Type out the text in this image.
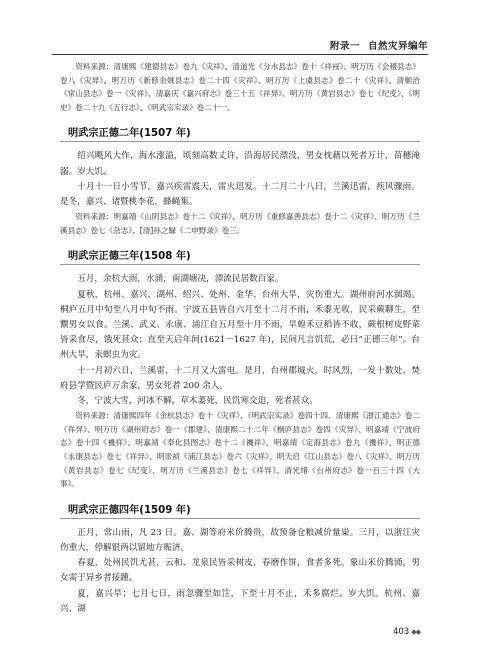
附录一 自然灾异编年

资料来源：清康熙《建德县志》卷九《灾祥》、清道光《分水县志》卷十《祥祲》、明万历《会稽县志》卷八《灾异》、明万历《新修余姚县志》卷二十四《灾祥》、明万历《上虞县志》卷二十《灾祥》、清顺治《常山县志》卷一《灾祥》、清嘉庆《嘉兴府志》卷三十五《祥异》、明万历《黄岩县志》卷七《纪变》、《明史》卷二十九《五行志》、《明武宗实录》卷二十一。

明武宗正德二年(1507 年)

绍兴飓风大作，海水涨溢，顷刻高数丈许，沿海居民漂没，男女枕藉以死者万计，苗穗淹溺。岁大饥。

十月十一日小雪节，嘉兴疾雷震天，雷火迅发。十二月二十八日，兰溪迅雷，疾风骤雨。是冬，嘉兴、诸暨桃李花，蜂蝇集。

资料来源：明嘉靖《山阴县志》卷十二《灾祥》、明万历《重修嘉善县志》卷十二《灾祥》、明万历《兰溪县志》卷七《杂志》、[清]孙之騄《二申野录》卷三。

明武宗正德三年(1508 年)

五月，余杭大雨，水涌，南湖塘决，漂流民居数百家。

夏秋，杭州、嘉兴、湖州、绍兴、处州、金华、台州大旱，灾伤重大。湖州府河水涸竭。桐庐五月中旬至八月中旬不雨。宁波五县皆自六月至十二月不雨，禾黍无收，民采蕨聊生，至鬻男女以食。兰溪、武义、永康、浦江自五月至十月不雨，旱蝗禾豆稻皆不收，蕨根树皮野菜皆采食尽，饿死甚众；直至天启年间(1621－1627 年)，民间凡言饥荒，必曰“正德三年”。台州大旱，汞螟虫为灾。

十一月初六日，兰溪雷，十二月又大雷电。是月，台州郡城火，时风烈，一发十数处，焚府县学暨民庐万余家，男女死者 200 余人。

冬，宁波大雪，河冰不解，草木萎死，民饥寒交迫，死者甚众。

资料来源：清康熙四年《余杭县志》卷十《灾祥》、《明武宗实录》卷四十四、清康熙《浙江通志》卷二《祥异》、明万历《湖州府志》卷一《郡建》、清康熙二十二年《桐庐县志》卷四《灾异》、明嘉靖《宁波府志》卷十四《禨祥》、明嘉靖《奉化县图志》卷十二《禨祥》、明嘉靖《定海县志》卷九《禨祥》、明正德《永康县志》卷七《祥异》、明崇祯《浦江县志》卷六《灾祥》、明天启《江山县志》卷八《灾祥》、明万历《黄岩县志》卷七《纪变》、明万历《兰溪县志》卷七《祥异》、清光绪《台州府志》卷一百三十四《大事》。

明武宗正德四年(1509 年)

正月，常山雨，凡 23 日。嘉、湖等府米价腾贵，故预备仓粮减价量粜。三月，以浙江灾伤重大，停解银两以留地方赈济。

春夏，处州民饥尤甚，云和、龙泉民皆采树皮，春磨作饼，食者多死。象山米价腾涌，男女需于异乡者接踵。

夏，嘉兴旱；七月七日，雨忽骤至如注，下至十月不止，禾多腐烂。岁大饥。杭州、嘉兴、湖

403 ◆◆
